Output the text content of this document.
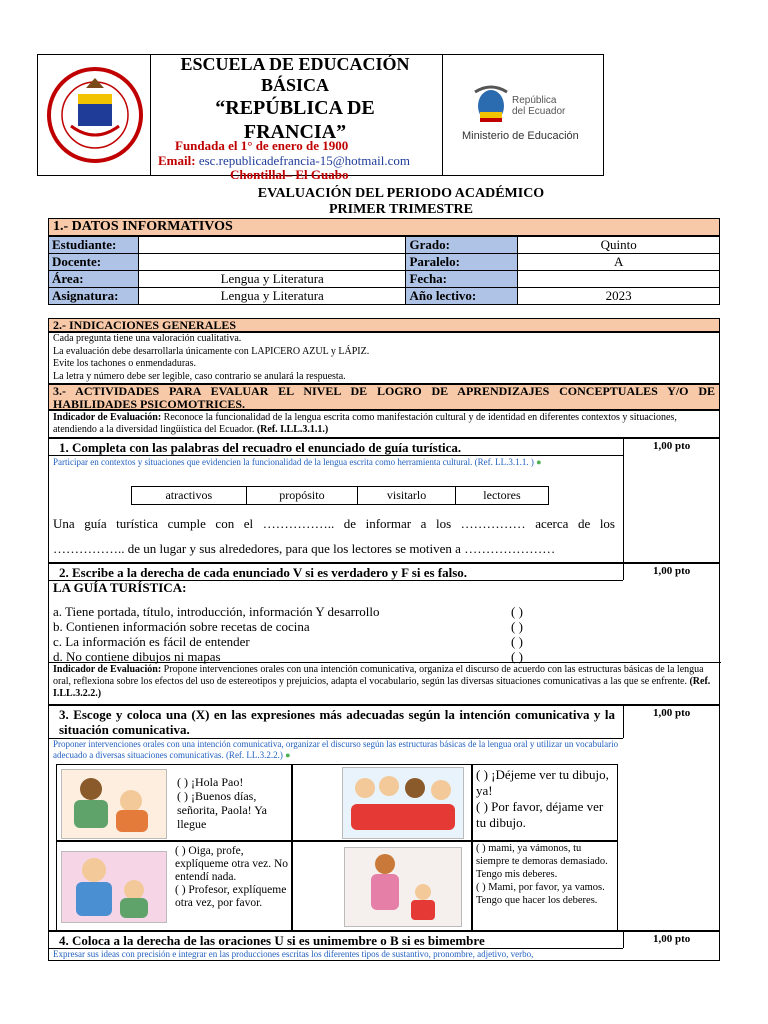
ESCUELA DE EDUCACIÓN
BÁSICA
“REPÚBLICA DE
FRANCIA”
Fundada el 1° de enero de 1900
Email: esc.republicadefrancia-15@hotmail.com
Chontillal– El Guabo
República
del Ecuador
Ministerio de Educación
EVALUACIÓN DEL PERIODO ACADÉMICO
PRIMER TRIMESTRE
1.- DATOS INFORMATIVOS
Estudiante:		Grado:	Quinto
Docente:		Paralelo:	A
Área:	Lengua y Literatura	Fecha:	
Asignatura:	Lengua y Literatura	Año lectivo:	2023
2.- INDICACIONES GENERALES
Cada pregunta tiene una valoración cualitativa.
La evaluación debe desarrollarla únicamente con LAPICERO AZUL y LÁPIZ.
Evite los tachones o enmendaduras.
La letra y número debe ser legible, caso contrario se anulará la respuesta.
3.- ACTIVIDADES PARA EVALUAR EL NIVEL DE LOGRO DE APRENDIZAJES CONCEPTUALES Y/O DE HABILIDADES PSICOMOTRICES.
Indicador de Evaluación: Reconoce la funcionalidad de la lengua escrita como manifestación cultural y de identidad en diferentes contextos y situaciones, atendiendo a la diversidad lingüística del Ecuador. (Ref. I.LL.3.1.1.)
1. Completa con las palabras del recuadro el enunciado de guía turística.	1,00 pto
Participar en contextos y situaciones que evidencien la funcionalidad de la lengua escrita como herramienta cultural. (Ref. LL.3.1.1. ) ●
atractivos	propósito	visitarlo	lectores
Una guía turística cumple con el …………….. de informar a los …………… acerca de los
…………….. de un lugar y sus alrededores, para que los lectores se motiven a …………………
2. Escribe a la derecha de cada enunciado V si es verdadero y F si es falso.	1,00 pto
LA GUÍA TURÍSTICA:
a. Tiene portada, título, introducción, información Y desarrollo	( )
b. Contienen información sobre recetas de cocina	( )
c. La información es fácil de entender	( )
d. No contiene dibujos ni mapas	( )
Indicador de Evaluación: Propone intervenciones orales con una intención comunicativa, organiza el discurso de acuerdo con las estructuras básicas de la lengua oral, reflexiona sobre los efectos del uso de estereotipos y prejuicios, adapta el vocabulario, según las diversas situaciones comunicativas a las que se enfrente. (Ref. I.LL.3.2.2.)
3. Escoge y coloca una (X) en las expresiones más adecuadas según la intención comunicativa y la situación comunicativa.
1,00 pto
Proponer intervenciones orales con una intención comunicativa, organizar el discurso según las estructuras básicas de la lengua oral y utilizar un vocabulario adecuado a diversas situaciones comunicativas. (Ref. LL.3.2.2.) ●
( ) ¡Hola Pao!
( ) ¡Buenos días, señorita, Paola! Ya llegue
( ) ¡Déjeme ver tu dibujo, ya!
( ) Por favor, déjame ver tu dibujo.
( ) Oiga, profe, explíqueme otra vez. No entendí nada.
( ) Profesor, explíqueme otra vez, por favor.
( ) mami, ya vámonos, tu siempre te demoras demasiado. Tengo mis deberes.
( ) Mami, por favor, ya vamos. Tengo que hacer los deberes.
4. Coloca a la derecha de las oraciones U si es unimembre o B si es bimembre	1,00 pto
Expresar sus ideas con precisión e integrar en las producciones escritas los diferentes tipos de sustantivo, pronombre, adjetivo, verbo,
